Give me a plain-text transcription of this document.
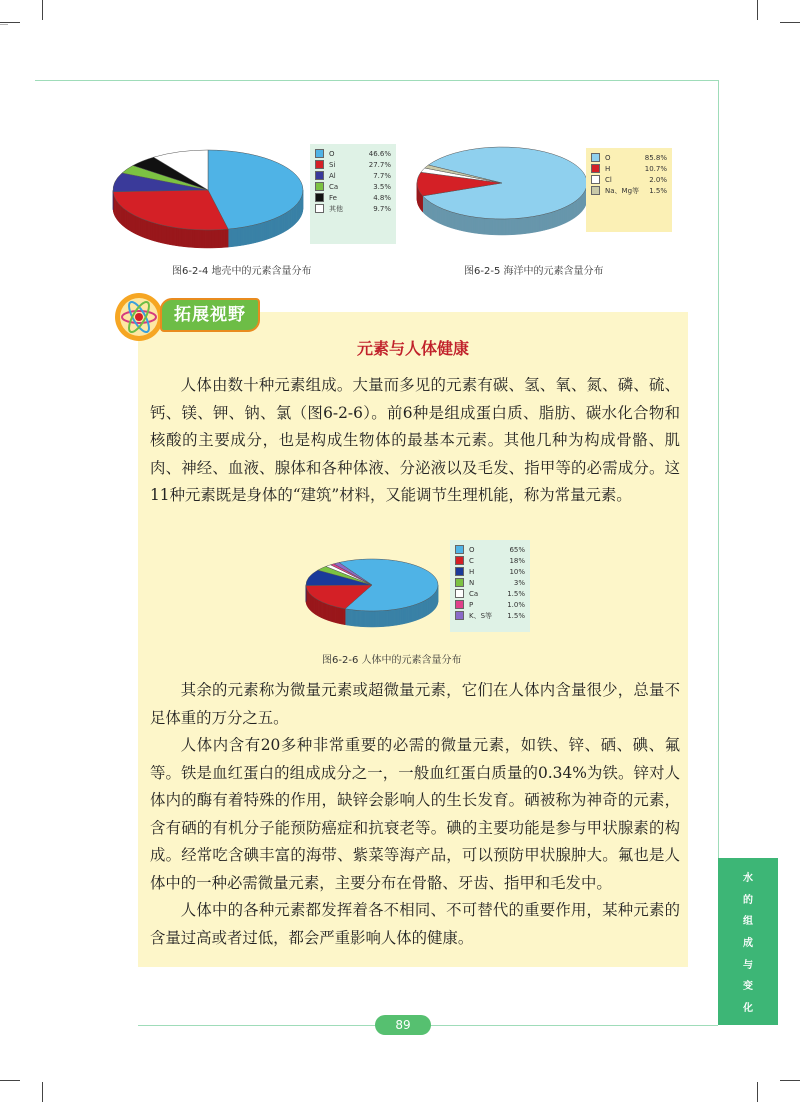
O	46.6%
Si	27.7%
Al	7.7%
Ca	3.5%
Fe	4.8%
其他	9.7%
图6-2-4 地壳中的元素含量分布
O	85.8%
H	10.7%
Cl	2.0%
Na、Mg等	1.5%
图6-2-5 海洋中的元素含量分布
拓展视野
元素与人体健康

人体由数十种元素组成。大量而多见的元素有碳、氢、氧、氮、磷、硫、钙、镁、钾、钠、氯（图6-2-6）。前6种是组成蛋白质、脂肪、碳水化合物和核酸的主要成分，也是构成生物体的最基本元素。其他几种为构成骨骼、肌肉、神经、血液、腺体和各种体液、分泌液以及毛发、指甲等的必需成分。这11种元素既是身体的“建筑”材料，又能调节生理机能，称为常量元素。

O	65%
C	18%
H	10%
N	3%
Ca	1.5%
P	1.0%
K、S等	1.5%
图6-2-6 人体中的元素含量分布

其余的元素称为微量元素或超微量元素，它们在人体内含量很少，总量不足体重的万分之五。

人体内含有20多种非常重要的必需的微量元素，如铁、锌、硒、碘、氟等。铁是血红蛋白的组成成分之一，一般血红蛋白质量的0.34%为铁。锌对人体内的酶有着特殊的作用，缺锌会影响人的生长发育。硒被称为神奇的元素，含有硒的有机分子能预防癌症和抗衰老等。碘的主要功能是参与甲状腺素的构成。经常吃含碘丰富的海带、紫菜等海产品，可以预防甲状腺肿大。氟也是人体中的一种必需微量元素，主要分布在骨骼、牙齿、指甲和毛发中。

人体中的各种元素都发挥着各不相同、不可替代的重要作用，某种元素的含量过高或者过低，都会严重影响人体的健康。

水
的
组
成
与
变
化
89
